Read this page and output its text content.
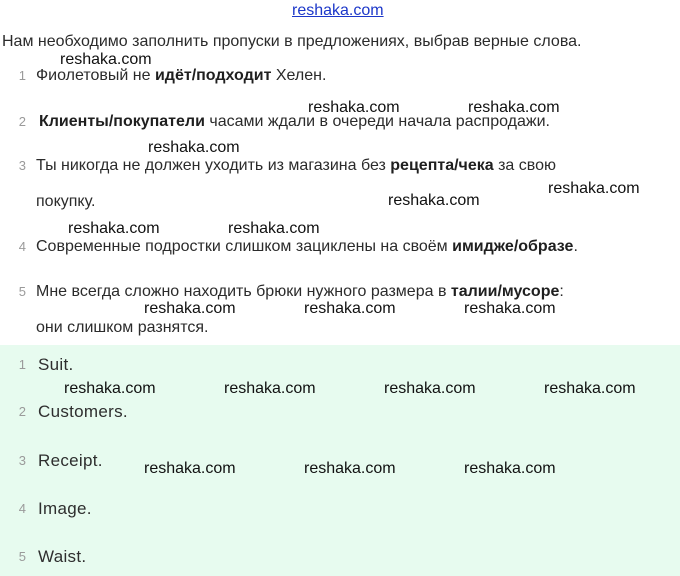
reshaka.com
Нам необходимо заполнить пропуски в предложениях, выбрав верные слова.
1 Фиолетовый не идёт/подходит Хелен.
2 Клиенты/покупатели часами ждали в очереди начала распродажи.
3 Ты никогда не должен уходить из магазина без рецепта/чека за свою
покупку.
4 Современные подростки слишком зациклены на своём имидже/образе.
5 Мне всегда сложно находить брюки нужного размера в талии/мусоре:
они слишком разнятся.
1 Suit.
2 Customers.
3 Receipt.
4 Image.
5 Waist.
reshaka.com
reshaka.com	reshaka.com
reshaka.com
reshaka.com
reshaka.com
reshaka.com	reshaka.com
reshaka.com	reshaka.com	reshaka.com
reshaka.com	reshaka.com	reshaka.com	reshaka.com
reshaka.com	reshaka.com	reshaka.com
